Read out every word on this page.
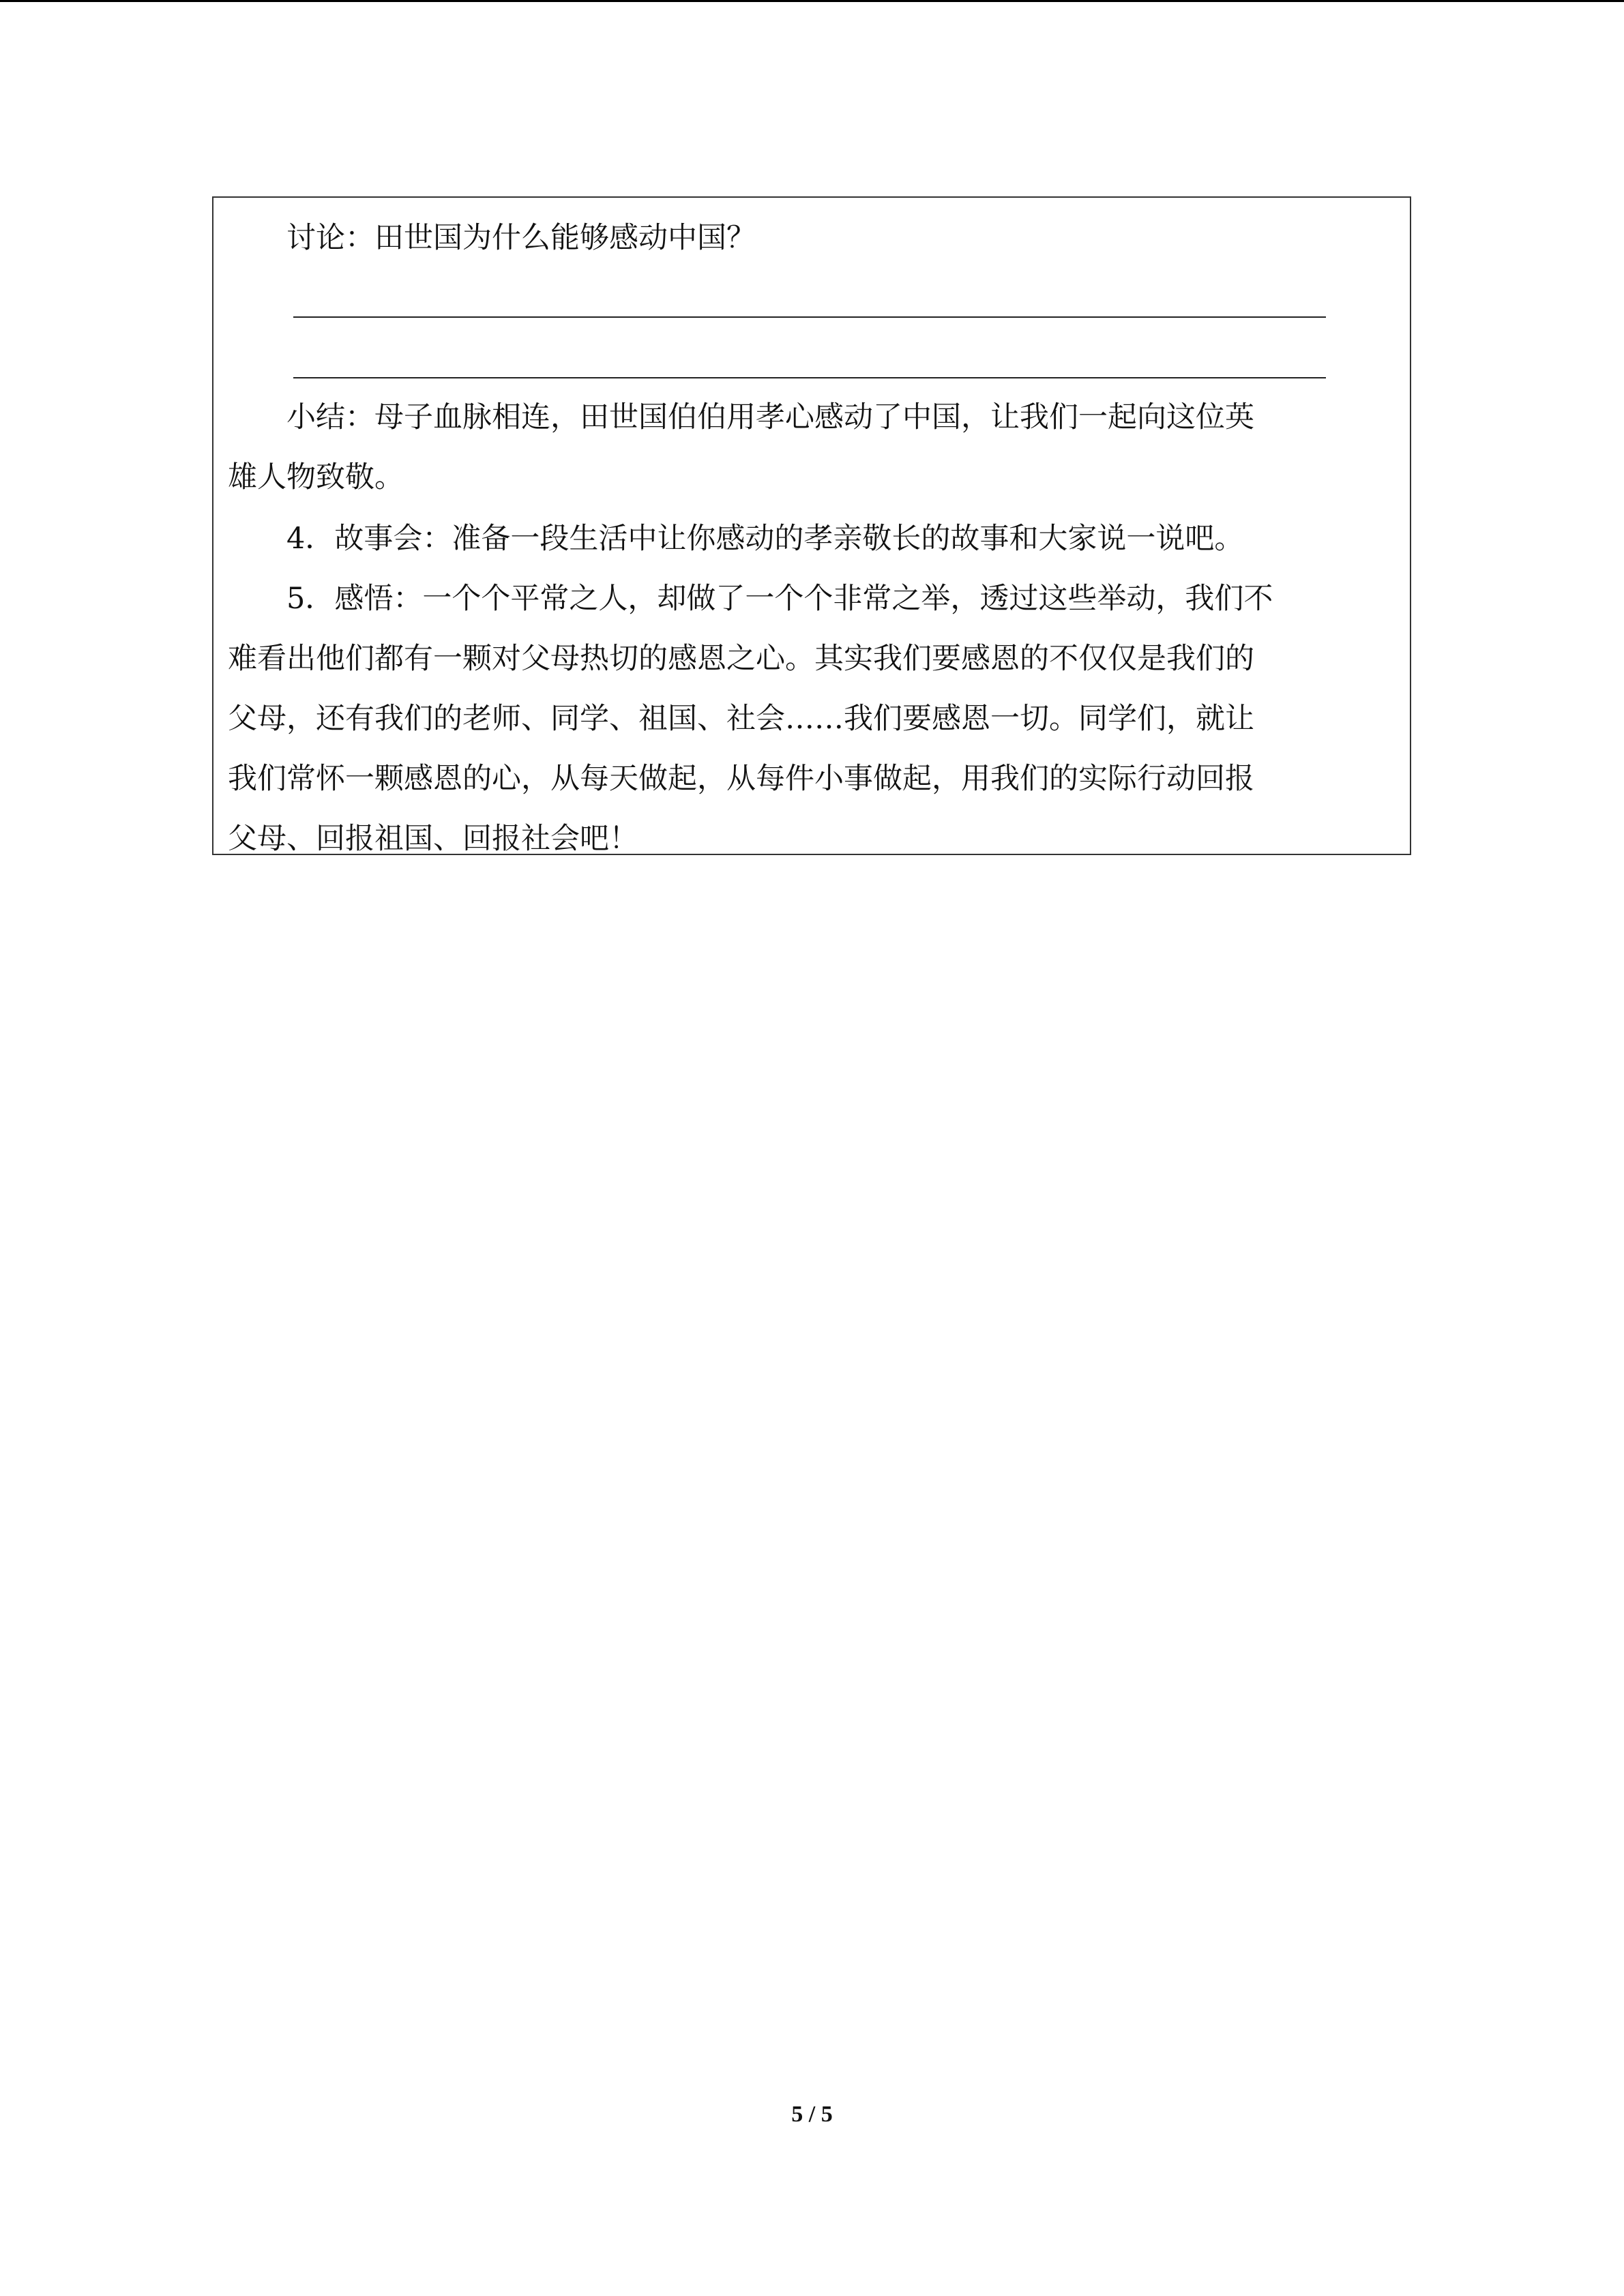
讨论：田世国为什么能够感动中国？

小结：母子血脉相连，田世国伯伯用孝心感动了中国，让我们一起向这位英
雄人物致敬。

4．故事会：准备一段生活中让你感动的孝亲敬长的故事和大家说一说吧。

5．感悟：一个个平常之人，却做了一个个非常之举，透过这些举动，我们不
难看出他们都有一颗对父母热切的感恩之心。其实我们要感恩的不仅仅是我们的
父母，还有我们的老师、同学、祖国、社会……我们要感恩一切。同学们，就让
我们常怀一颗感恩的心，从每天做起，从每件小事做起，用我们的实际行动回报
父母、回报祖国、回报社会吧！

5 / 5
